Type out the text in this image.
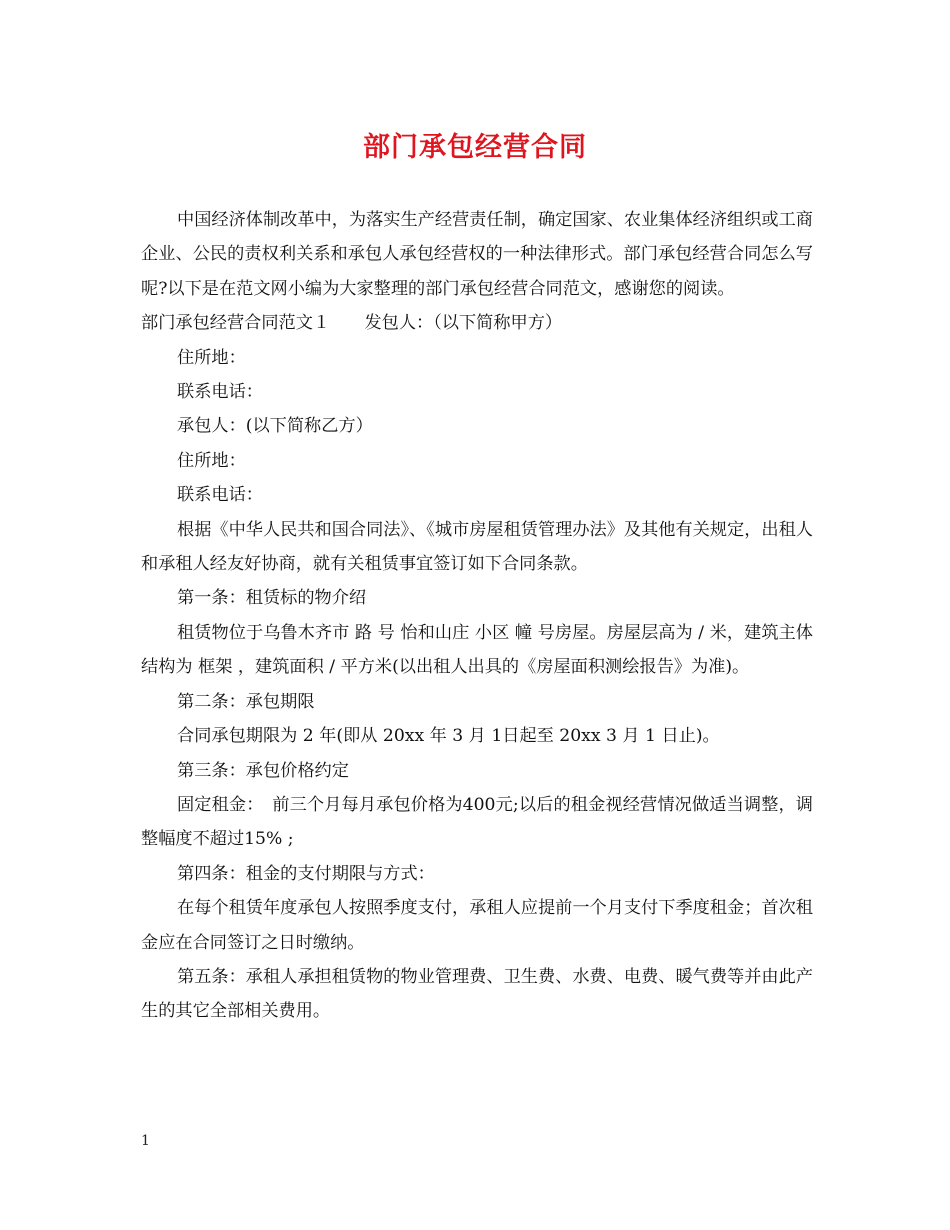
部门承包经营合同

中国经济体制改革中，为落实生产经营责任制，确定国家、农业集体经济组织或工商企业、公民的责权利关系和承包人承包经营权的一种法律形式。部门承包经营合同怎么写呢?以下是在范文网小编为大家整理的部门承包经营合同范文，感谢您的阅读。

部门承包经营合同范文１　　发包人：（以下简称甲方）

住所地：

联系电话：

承包人：(以下简称乙方）

住所地：

联系电话：

根据《中华人民共和国合同法》、《城市房屋租赁管理办法》及其他有关规定，出租人和承租人经友好协商，就有关租赁事宜签订如下合同条款。

第一条：租赁标的物介绍

租赁物位于乌鲁木齐市 路 号 怡和山庄 小区 幢 号房屋。房屋层高为 / 米，建筑主体结构为 框架 ，建筑面积 / 平方米(以出租人出具的《房屋面积测绘报告》为准)。

第二条：承包期限

合同承包期限为 2 年(即从 20xx 年 3 月 1日起至 20xx 3 月 1 日止)。

第三条：承包价格约定

固定租金：　前三个月每月承包价格为400元;以后的租金视经营情况做适当调整，调整幅度不超过15% ;

第四条：租金的支付期限与方式：

在每个租赁年度承包人按照季度支付，承租人应提前一个月支付下季度租金；首次租金应在合同签订之日时缴纳。

第五条：承租人承担租赁物的物业管理费、卫生费、水费、电费、暖气费等并由此产生的其它全部相关费用。

1
